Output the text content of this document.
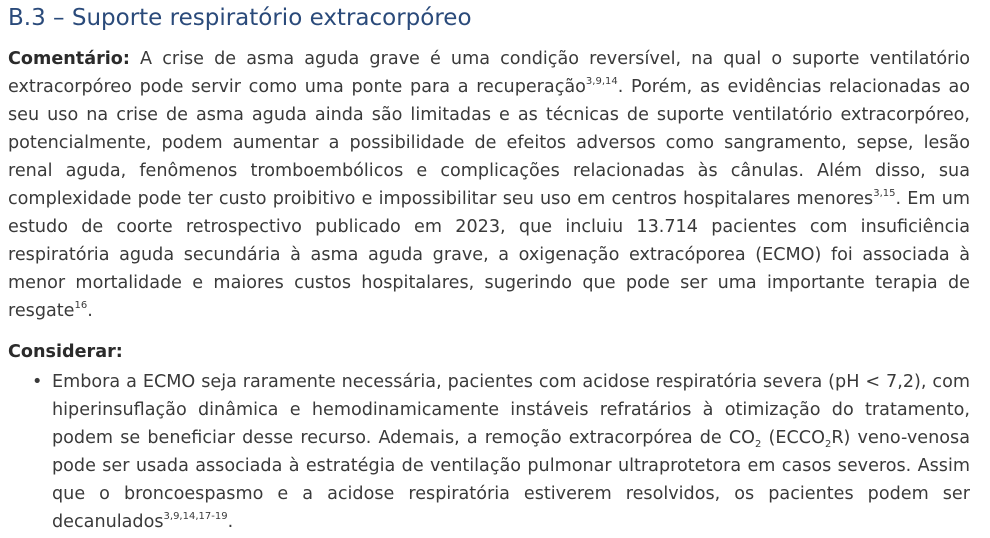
B.3 – Suporte respiratório extracorpóreo

Comentário: A crise de asma aguda grave é uma condição reversível, na qual o suporte ventilatório extracorpóreo pode servir como uma ponte para a recuperação$^{3,9,14}$. Porém, as evidências relacionadas ao seu uso na crise de asma aguda ainda são limitadas e as técnicas de suporte ventilatório extracorpóreo, potencialmente, podem aumentar a possibilidade de efeitos adversos como sangramento, sepse, lesão renal aguda, fenômenos tromboembólicos e complicações relacionadas às cânulas. Além disso, sua complexidade pode ter custo proibitivo e impossibilitar seu uso em centros hospitalares menores$^{3,15}$. Em um estudo de coorte retrospectivo publicado em 2023, que incluiu 13.714 pacientes com insuficiência respiratória aguda secundária à asma aguda grave, a oxigenação extracóporea (ECMO) foi associada à menor mortalidade e maiores custos hospitalares, sugerindo que pode ser uma importante terapia de resgate$^{16}$.

Considerar:
• Embora a ECMO seja raramente necessária, pacientes com acidose respiratória severa (pH < 7,2), com hiperinsuflação dinâmica e hemodinamicamente instáveis refratários à otimização do tratamento, podem se beneficiar desse recurso. Ademais, a remoção extracorpórea de $CO_2$ $(ECCO_2R)$ veno-venosa pode ser usada associada à estratégia de ventilação pulmonar ultraprotetora em casos severos. Assim que o broncoespasmo e a acidose respiratória estiverem resolvidos, os pacientes podem ser decanulados$^{3,9,14,17-19}$.
